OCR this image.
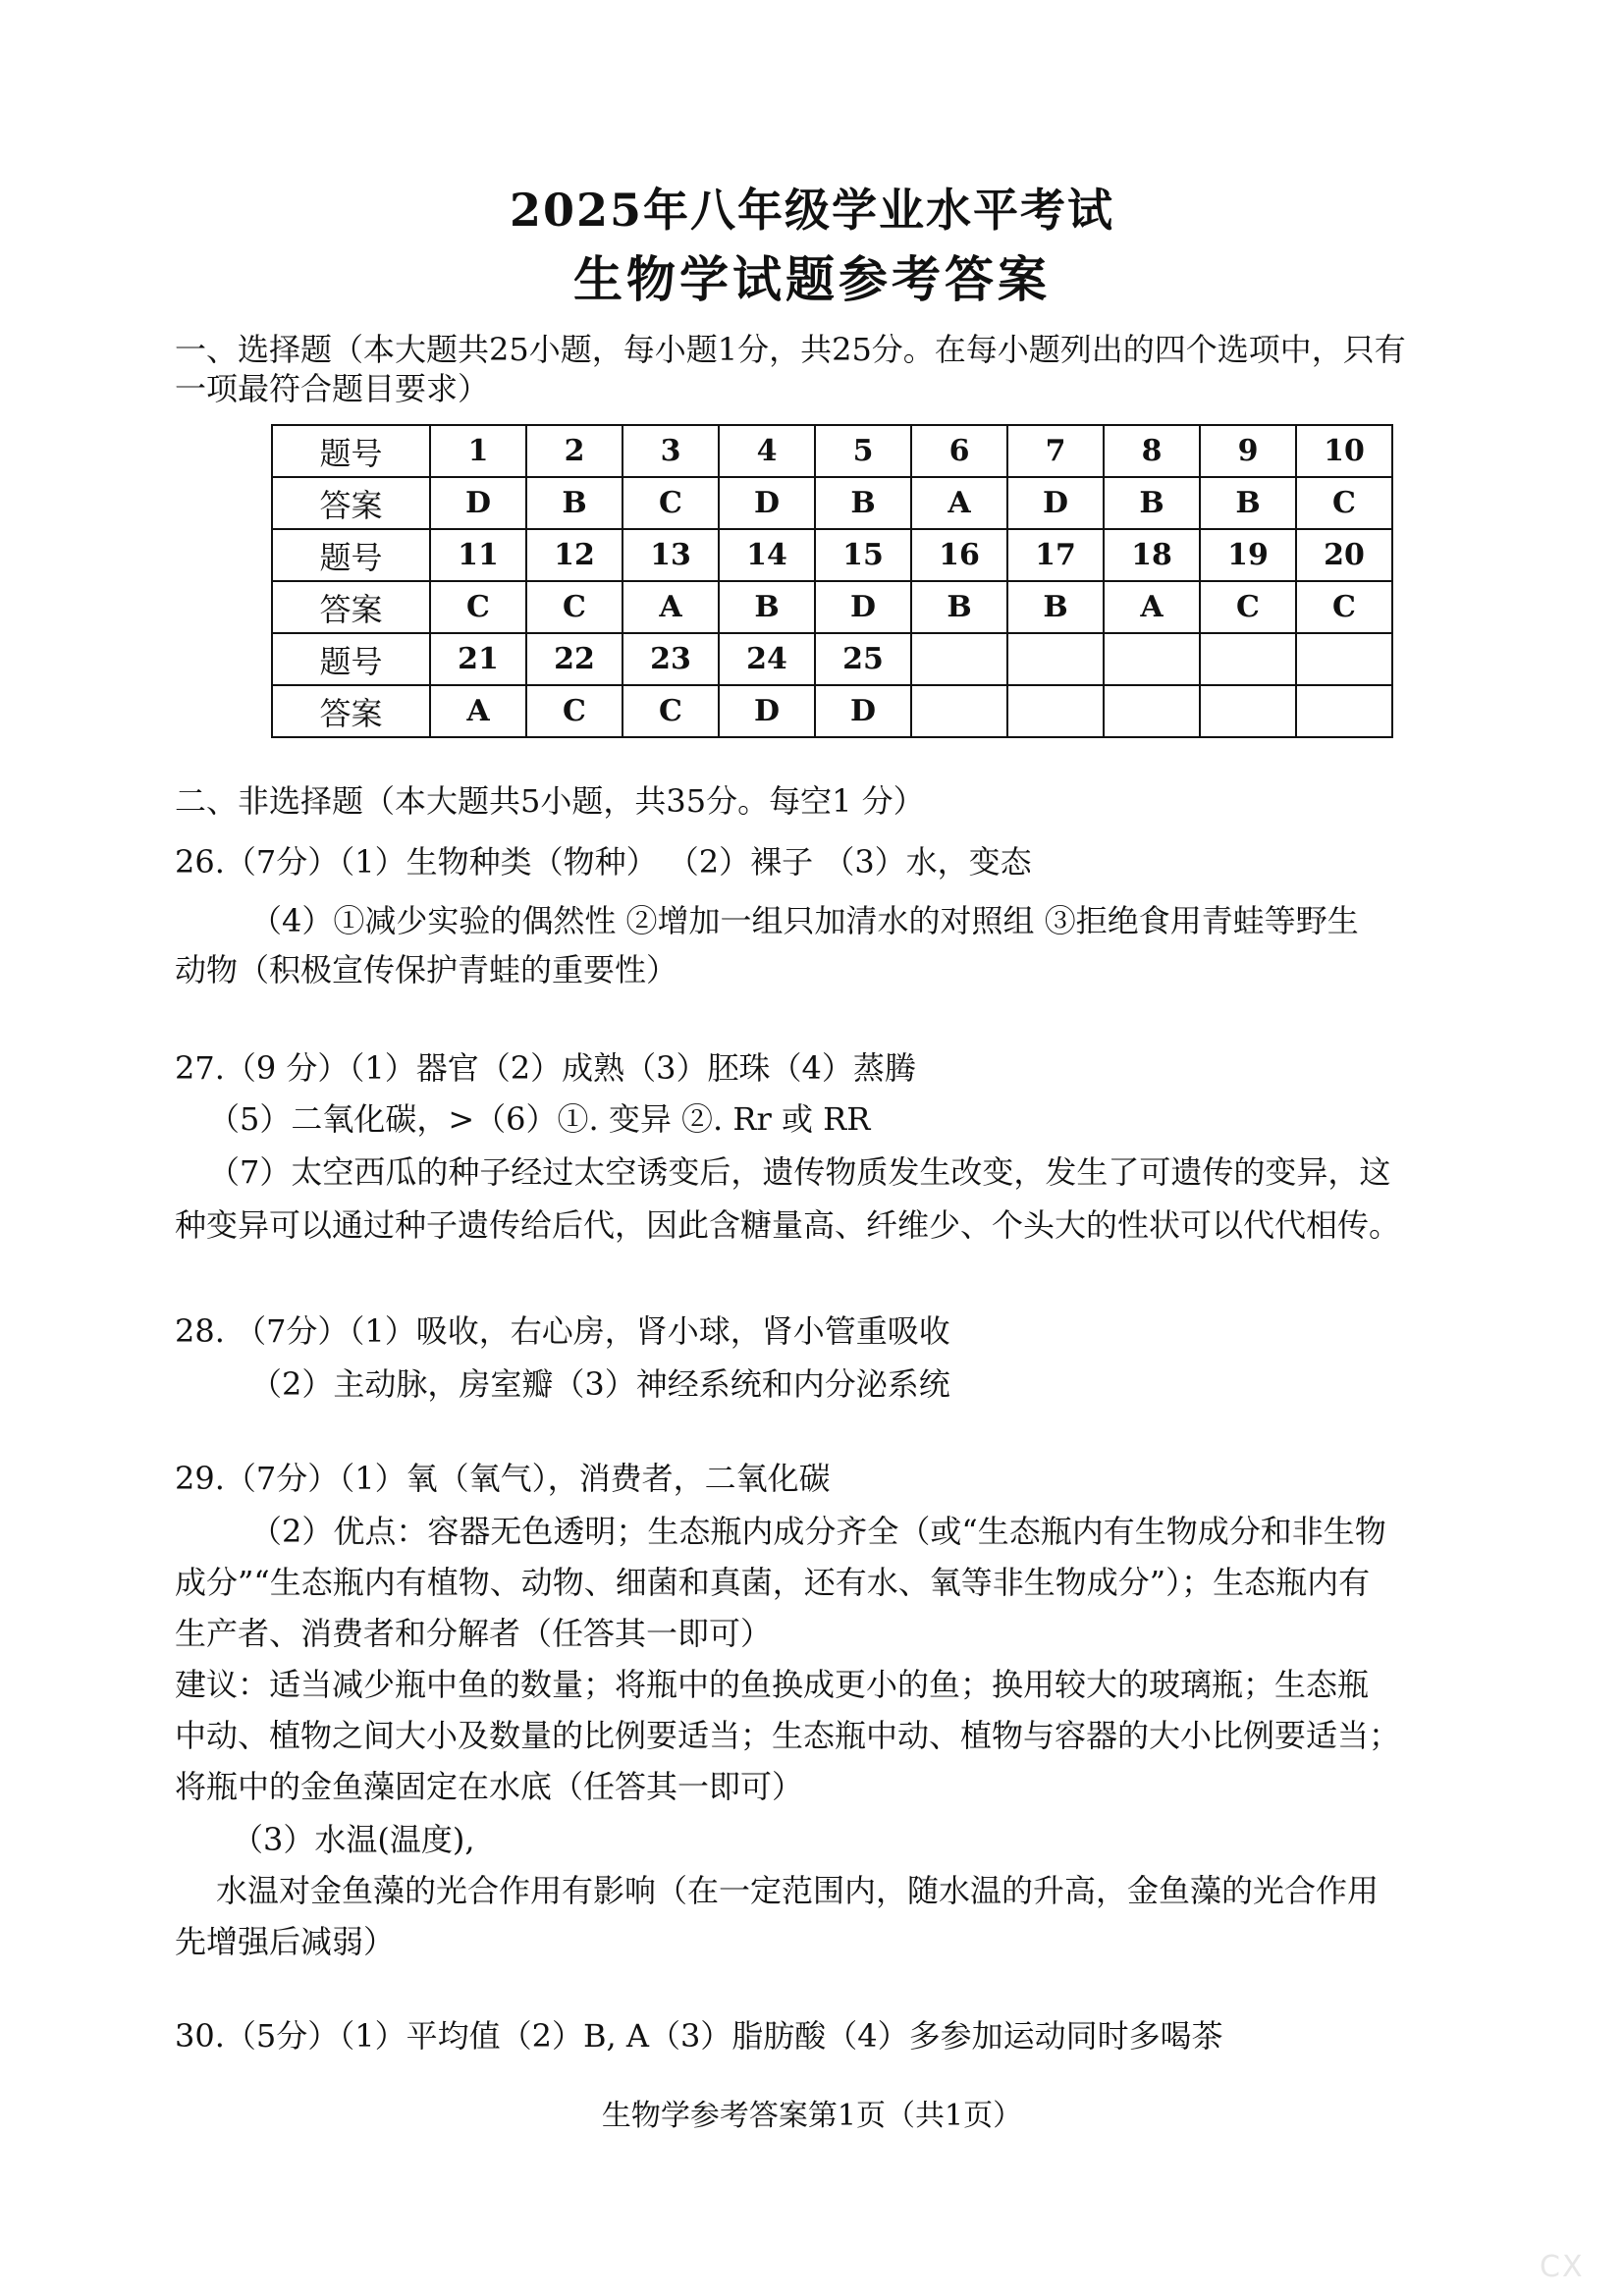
2025年八年级学业水平考试
生物学试题参考答案
一、选择题（本大题共25小题，每小题1分，共25分。在每小题列出的四个选项中，只有
一项最符合题目要求）
题号	1	2	3	4	5	6	7	8	9	10
答案	D	B	C	D	B	A	D	B	B	C
题号	11	12	13	14	15	16	17	18	19	20
答案	C	C	A	B	D	B	B	A	C	C
题号	21	22	23	24	25					
答案	A	C	C	D	D					
二、非选择题（本大题共5小题，共35分。每空1 分）
26.（7分）（1）生物种类（物种） （2）裸子 （3）水，变态
（4）①减少实验的偶然性 ②增加一组只加清水的对照组 ③拒绝食用青蛙等野生
动物（积极宣传保护青蛙的重要性）
27.（9 分）（1）器官（2）成熟（3）胚珠（4）蒸腾
（5）二氧化碳，>（6）①. 变异 ②. Rr 或 RR
（7）太空西瓜的种子经过太空诱变后，遗传物质发生改变，发生了可遗传的变异，这
种变异可以通过种子遗传给后代，因此含糖量高、纤维少、个头大的性状可以代代相传。
28. （7分）（1）吸收，右心房，肾小球，肾小管重吸收
（2）主动脉，房室瓣（3）神经系统和内分泌系统
29.（7分）（1）氧（氧气），消费者，二氧化碳
（2）优点：容器无色透明；生态瓶内成分齐全（或“生态瓶内有生物成分和非生物
成分”“生态瓶内有植物、动物、细菌和真菌，还有水、氧等非生物成分”）；生态瓶内有
生产者、消费者和分解者（任答其一即可）
建议：适当减少瓶中鱼的数量；将瓶中的鱼换成更小的鱼；换用较大的玻璃瓶；生态瓶
中动、植物之间大小及数量的比例要适当；生态瓶中动、植物与容器的大小比例要适当；
将瓶中的金鱼藻固定在水底（任答其一即可）
（3）水温(温度),
水温对金鱼藻的光合作用有影响（在一定范围内，随水温的升高，金鱼藻的光合作用
先增强后减弱）
30.（5分）（1）平均值（2）B, A（3）脂肪酸（4）多参加运动同时多喝茶
生物学参考答案第1页（共1页）
CX
